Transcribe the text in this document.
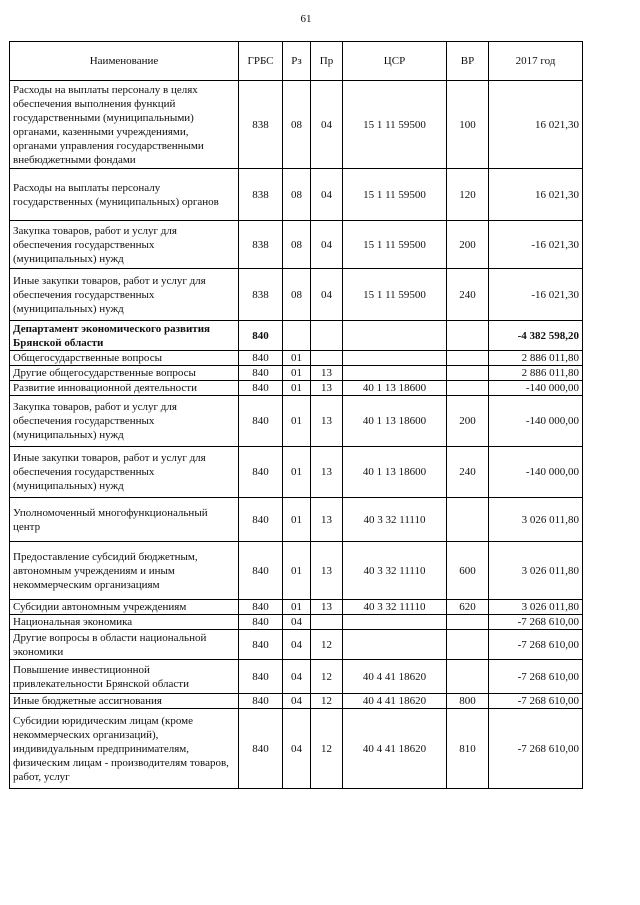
61
Наименование	ГРБС	Рз	Пр	ЦСР	ВР	2017 год
Расходы на выплаты персоналу в целях обеспечения выполнения функций государственными (муниципальными) органами, казенными учреждениями, органами управления государственными внебюджетными фондами	838	08	04	15 1 11 59500	100	16 021,30
Расходы на выплаты персоналу государственных (муниципальных) органов	838	08	04	15 1 11 59500	120	16 021,30
Закупка товаров, работ и услуг для обеспечения государственных (муниципальных) нужд	838	08	04	15 1 11 59500	200	-16 021,30
Иные закупки товаров, работ и услуг для обеспечения государственных (муниципальных) нужд	838	08	04	15 1 11 59500	240	-16 021,30
Департамент экономического развития Брянской области	840					-4 382 598,20
Общегосударственные вопросы	840	01				2 886 011,80
Другие общегосударственные вопросы	840	01	13			2 886 011,80
Развитие инновационной деятельности	840	01	13	40 1 13 18600		-140 000,00
Закупка товаров, работ и услуг для обеспечения государственных (муниципальных) нужд	840	01	13	40 1 13 18600	200	-140 000,00
Иные закупки товаров, работ и услуг для обеспечения государственных (муниципальных) нужд	840	01	13	40 1 13 18600	240	-140 000,00
Уполномоченный многофункциональный центр	840	01	13	40 3 32 11110		3 026 011,80
Предоставление субсидий бюджетным, автономным учреждениям и иным некоммерческим организациям	840	01	13	40 3 32 11110	600	3 026 011,80
Субсидии автономным учреждениям	840	01	13	40 3 32 11110	620	3 026 011,80
Национальная экономика	840	04				-7 268 610,00
Другие вопросы в области национальной экономики	840	04	12			-7 268 610,00
Повышение инвестиционной привлекательности Брянской области	840	04	12	40 4 41 18620		-7 268 610,00
Иные бюджетные ассигнования	840	04	12	40 4 41 18620	800	-7 268 610,00
Субсидии юридическим лицам (кроме некоммерческих организаций), индивидуальным предпринимателям, физическим лицам - производителям товаров, работ, услуг	840	04	12	40 4 41 18620	810	-7 268 610,00
